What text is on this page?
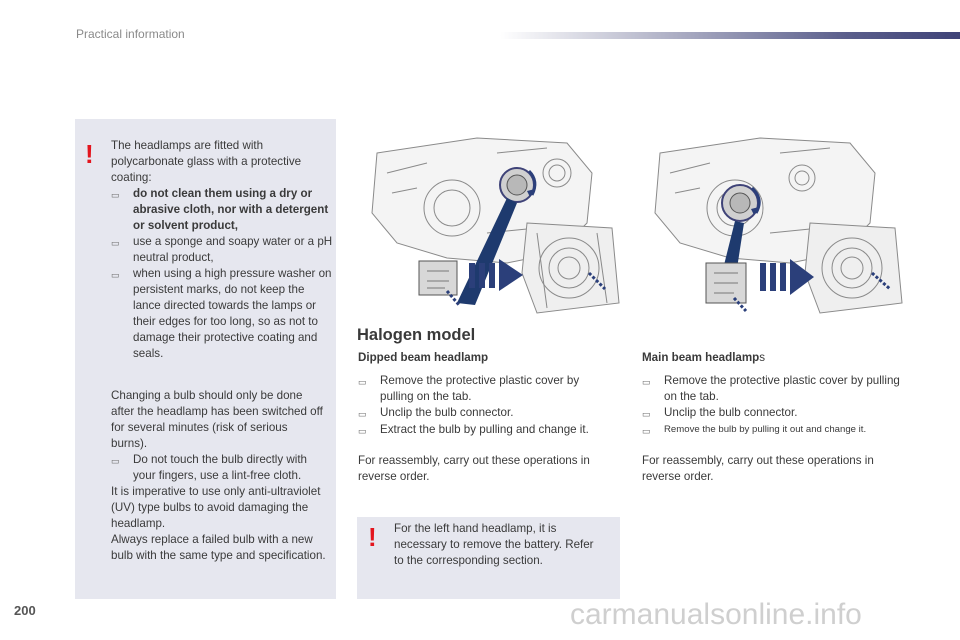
Practical information
! The headlamps are fitted with polycarbonate glass with a protective coating:

▭	do not clean them using a dry or abrasive cloth, nor with a detergent or solvent product,
▭	use a sponge and soapy water or a pH neutral product,
▭	when using a high pressure washer on persistent marks, do not keep the lance directed towards the lamps or their edges for too long, so as not to damage their protective coating and seals.

Changing a bulb should only be done after the headlamp has been switched off for several minutes (risk of serious burns).

▭	Do not touch the bulb directly with your fingers, use a lint-free cloth.

It is imperative to use only anti-ultraviolet (UV) type bulbs to avoid damaging the headlamp.

Always replace a failed bulb with a new bulb with the same type and specification.

Halogen model
Dipped beam headlamp
▭	Remove the protective plastic cover by pulling on the tab.
▭	Unclip the bulb connector.
▭	Extract the bulb by pulling and change it.
For reassembly, carry out these operations in reverse order.
Main beam headlamps
▭	Remove the protective plastic cover by pulling on the tab.
▭	Unclip the bulb connector.
▭	Remove the bulb by pulling it out and change it.
For reassembly, carry out these operations in reverse order.
! For the left hand headlamp, it is necessary to remove the battery. Refer to the corresponding section.
200	carmanualsonline.info
